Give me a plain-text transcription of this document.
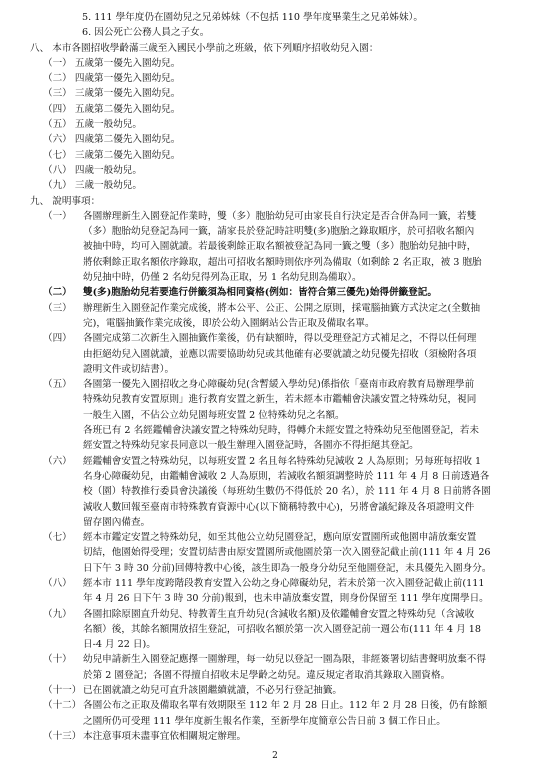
5. 111 學年度仍在園幼兒之兄弟姊妹（不包括 110 學年度畢業生之兄弟姊妹）。
6. 因公死亡公務人員之子女。
八、 本市各園招收學齡滿三歲至入國民小學前之班級，依下列順序招收幼兒入園：
（一） 五歲第一優先入園幼兒。
（二） 四歲第一優先入園幼兒。
（三） 三歲第一優先入園幼兒。
（四） 五歲第二優先入園幼兒。
（五） 五歲一般幼兒。
（六） 四歲第二優先入園幼兒。
（七） 三歲第二優先入園幼兒。
（八） 四歲一般幼兒。
（九） 三歲一般幼兒。
九、 說明事項：
（一）	各園辦理新生入園登記作業時，雙（多）胞胎幼兒可由家長自行決定是否合併為同一籤，若雙
（多）胞胎幼兒登記為同一籤，請家長於登記時註明雙(多)胞胎之錄取順序，於可招收名額內
被抽中時，均可入園就讀。若最後剩餘正取名額被登記為同一籤之雙（多）胞胎幼兒抽中時，
將依剩餘正取名額依序錄取，超出可招收名額時則依序列為備取（如剩餘 2 名正取，被 3 胞胎
幼兒抽中時，仍僅 2 名幼兒得列為正取，另 1 名幼兒則為備取）。
（二）	雙(多)胞胎幼兒若要進行併籤須為相同資格(例如：皆符合第三優先)始得併籤登記。
（三）	辦理新生入園登記作業完成後，將本公平、公正、公開之原則，採電腦抽籤方式決定之(全數抽
完)，電腦抽籤作業完成後，即於公幼入園網站公告正取及備取名單。
（四）	各園完成第二次新生入園抽籤作業後，仍有缺額時，得以受理登記方式補足之，不得以任何理
由拒絕幼兒入園就讀，並應以需要協助幼兒或其他確有必要就讀之幼兒優先招收（須檢附各項
證明文件或切結書）。
（五）	各園第一優先入園招收之身心障礙幼兒(含暫緩入學幼兒)係指依「臺南市政府教育局辦理學前
特殊幼兒教育安置原則」進行教育安置之新生，若未經本市鑑輔會決議安置之特殊幼兒，視同
一般生入園，不佔公立幼兒園每班安置 2 位特殊幼兒之名額。
各班已有 2 名經鑑輔會決議安置之特殊幼兒時，得轉介未經安置之特殊幼兒至他園登記，若未
經安置之特殊幼兒家長同意以一般生辦理入園登記時，各園亦不得拒絕其登記。
（六）	經鑑輔會安置之特殊幼兒，以每班安置 2 名且每名特殊幼兒減收 2 人為原則；另每班每招收 1
名身心障礙幼兒，由鑑輔會減收 2 人為原則，若減收名額須調整時於 111 年 4 月 8 日前透過各
校（園）特教推行委員會決議後（每班幼生數仍不得低於 20 名），於 111 年 4 月 8 日前將各園
減收人數回報至臺南市特殊教育資源中心(以下簡稱特教中心)，另將會議紀錄及各項證明文件
留存園內備查。
（七）	經本市鑑定安置之特殊幼兒，如至其他公立幼兒園登記，應向原安置園所或他園申請放棄安置
切結，他園始得受理；安置切結書由原安置園所或他園於第一次入園登記截止前(111 年 4 月 26
日下午 3 時 30 分前)回傳特教中心後，該生即為一般身分幼兒至他園登記，未具優先入園身分。
（八）	經本市 111 學年度跨階段教育安置入公幼之身心障礙幼兒，若未於第一次入園登記截止前(111
年 4 月 26 日下午 3 時 30 分前)報到，也未申請放棄安置，則身份保留至 111 學年度開學日。
（九）	各園扣除原園直升幼兒、特教菁生直升幼兒(含減收名額)及依鑑輔會安置之特殊幼兒（含減收
名額）後，其餘名額開放招生登記，可招收名額於第一次入園登記前一週公布(111 年 4 月 18
日-4 月 22 日)。
（十）	幼兒申請新生入園登記應擇一園辦理，每一幼兒以登記一園為限，非經簽署切結書聲明放棄不得
於第 2 園登記；各園不得擅自招收未足學齡之幼兒。違反規定者取消其錄取入園資格。
（十一） 已在園就讀之幼兒可直升該園繼續就讀，不必另行登記抽籤。
（十二） 各園公布之正取及備取名單有效期限至 112 年 2 月 28 日止。112 年 2 月 28 日後，仍有餘額
之園所仍可受理 111 學年度新生報名作業，至新學年度簡章公告日前 3 個工作日止。
（十三） 本注意事項未盡事宜依相關規定辦理。
2
